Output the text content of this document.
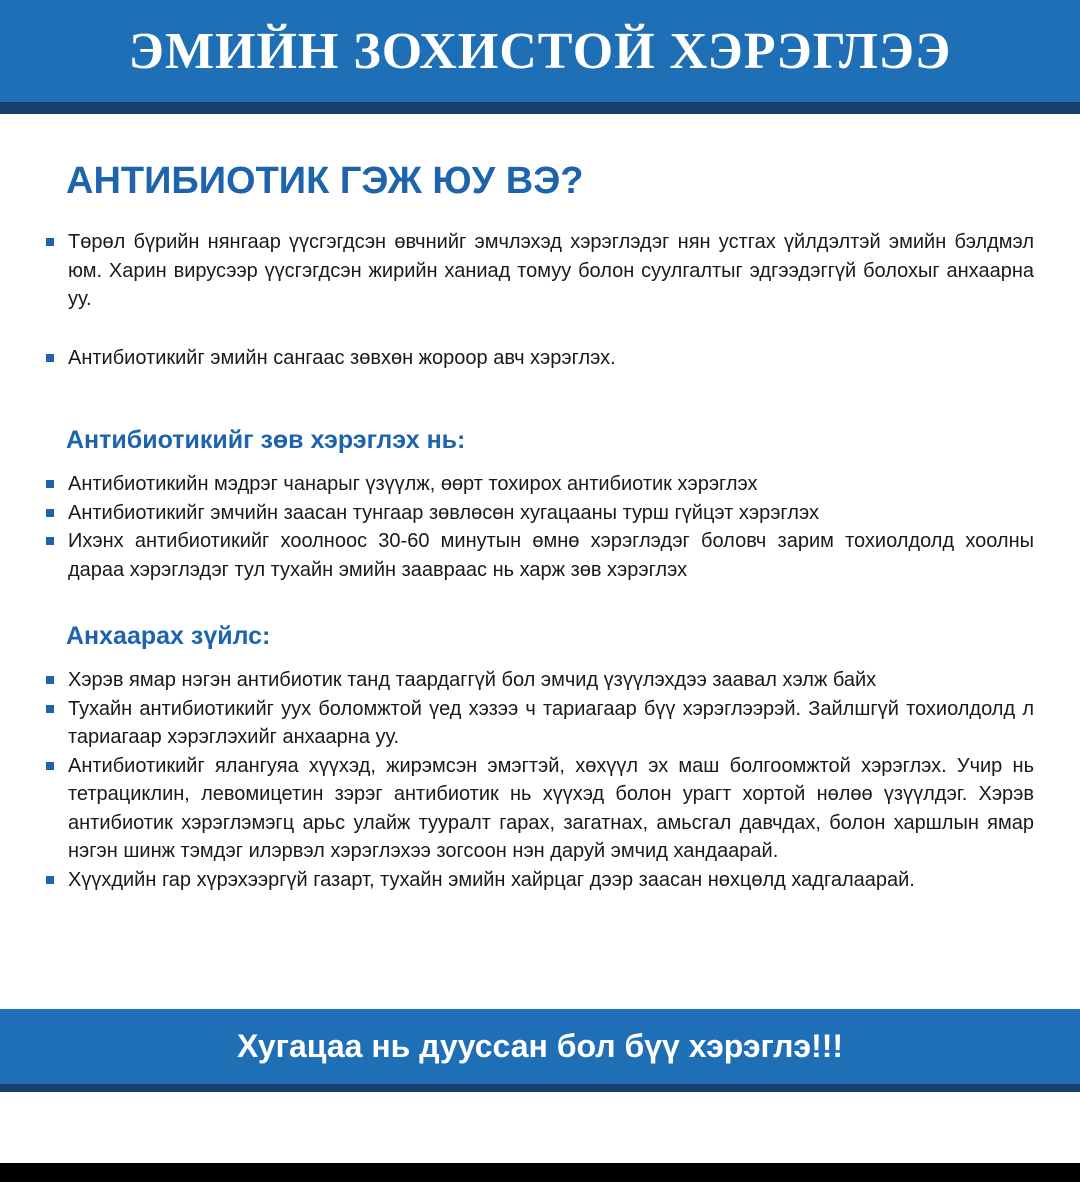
ЭМИЙН ЗОХИСТОЙ ХЭРЭГЛЭЭ
АНТИБИОТИК ГЭЖ ЮУ ВЭ?
Төрөл бүрийн нянгаар үүсгэгдсэн өвчнийг эмчлэхэд хэрэглэдэг нян устгах үйлдэлтэй эмийн бэлдмэл юм. Харин вирусээр үүсгэгдсэн жирийн ханиад томуу болон суулгалтыг эдгээдэггүй болохыг анхаарна уу.
Антибиотикийг эмийн сангаас зөвхөн жороор авч хэрэглэх.
Антибиотикийг зөв хэрэглэх нь:
Антибиотикийн мэдрэг чанарыг үзүүлж, өөрт тохирох антибиотик хэрэглэх
Антибиотикийг эмчийн заасан тунгаар зөвлөсөн хугацааны турш гүйцэт хэрэглэх
Ихэнх антибиотикийг хоолноос 30-60 минутын өмнө хэрэглэдэг боловч зарим тохиолдолд хоолны дараа хэрэглэдэг тул тухайн эмийн зааврааc нь харж зөв хэрэглэх
Анхаарах зүйлс:
Хэрэв ямар нэгэн антибиотик танд таардаггүй бол эмчид үзүүлэхдээ заавал хэлж байх
Тухайн антибиотикийг уух боломжтой үед хэзээ ч тариагаар бүү хэрэглээрэй. Зайлшгүй тохиолдолд л тариагаар хэрэглэхийг анхаарна уу.
Антибиотикийг ялангуяа хүүхэд, жирэмсэн эмэгтэй, хөхүүл эх маш болгоомжтой хэрэглэх. Учир нь тетрациклин, левомицетин зэрэг антибиотик нь хүүхэд болон урагт хортой нөлөө үзүүлдэг. Хэрэв антибиотик хэрэглэмэгц арьс улайж тууралт гарах, загатнах, амьсгал давчдах, болон харшлын ямар нэгэн шинж тэмдэг илэрвэл хэрэглэхээ зогсоон нэн даруй эмчид хандаарай.
Хүүхдийн гар хүрэхээргүй газарт, тухайн эмийн хайрцаг дээр заасан нөхцөлд хадгалаарай.
Хугацаа нь дууссан бол бүү хэрэглэ!!!
